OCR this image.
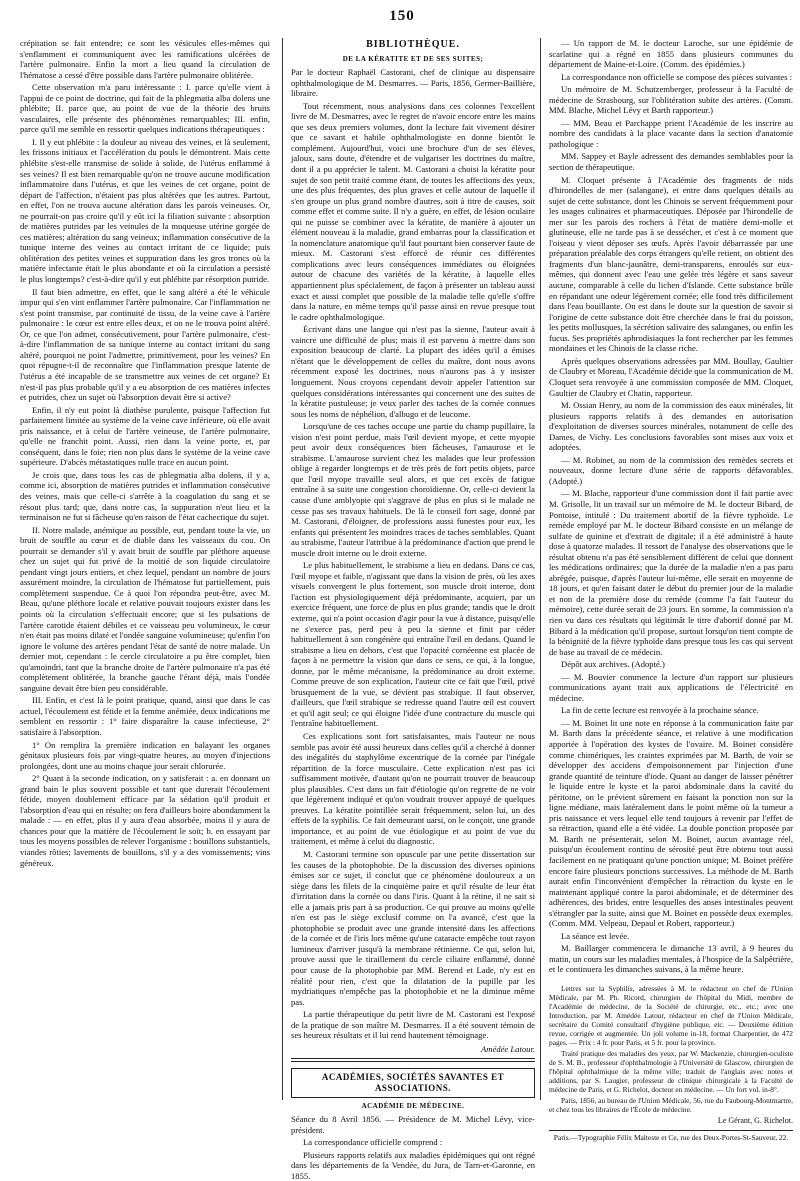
150

crépitation se fait entendre; ce sont les vésicules elles-mêmes qui s'enflamment et communiquent avec les ramifications ulcérées de l'artère pulmonaire. Enfin la mort a lieu quand la circulation de l'hématose a cessé d'être possible dans l'artère pulmonaire oblitérée.

Cette observation m'a paru intéressante : I. parce qu'elle vient à l'appui de ce point de doctrine, qui fait de la phlegmatia alba dolens une phlébite; II. parce que, au point de vue de la théorie des bruits vasculaires, elle présente des phénomènes remarquables; III. enfin, parce qu'il me semble en ressortir quelques indications thérapeutiques :

I. Il y eut phlébite : la douleur au niveau des veines, et là seulement, les frissons initiaux et l'accélération du pouls le démontrent. Mais cette phlébite s'est-elle transmise de solide à solide, de l'utérus enflammé à ses veines? Il est bien remarquable qu'on ne trouve aucune modification inflammatoire dans l'utérus, et que les veines de cet organe, point de départ de l'affection, n'étaient pas plus altérées que les autres. Partout, en effet, l'on ne trouva aucune altération dans les parois veineuses. Or, ne pourrait-on pas croire qu'il y eût ici la filiation suivante : absorption de matières putrides par les veinules de la muqueuse utérine gorgée de ces matières; altération du sang veineux; inflammation consécutive de la tunique interne des veines au contact irritant de ce liquide; puis oblitération des petites veines et suppuration dans les gros troncs où la matière infectante était le plus abondante et où la circulation a persisté le plus longtemps? c'est-à-dire qu'il y eut phlébite par résorption putride.

Il faut bien admettre, en effet, que le sang altéré a été le véhicule impur qui s'en vint enflammer l'artère pulmonaire. Car l'inflammation ne s'est point transmise, par continuité de tissu, de la veine cave à l'artère pulmonaire : le cœur est entre elles deux, et on ne le trouva point altéré. Or, ce que l'on admet, consécutivement, pour l'artère pulmonaire, c'est-à-dire l'inflammation de sa tunique interne au contact irritant du sang altéré, pourquoi ne point l'admettre, primitivement, pour les veines? En quoi répugne-t-il de reconnaître que l'inflammation presque latente de l'utérus a été incapable de se transmettre aux veines de cet organe? Et n'est-il pas plus probable qu'il y a eu absorption de ces matières infectes et putrides, chez un sujet où l'absorption devait être si active?

Enfin, il n'y eut point là diathèse purulente, puisque l'affection fut parfaitement limitée au système de la veine cave inférieure, où elle avait pris naissance, et à celui de l'artère veineuse, de l'artère pulmonaire, qu'elle ne franchit point. Aussi, rien dans la veine porte, et, par conséquent, dans le foie; rien non plus dans le système de la veine cave supérieure. D'abcès métastatiques nulle trace en aucun point.

Je crois que, dans tous les cas de phlegmatia alba dolens, il y a, comme ici, absorption de matières putrides et inflammation consécutive des veines, mais que celle-ci s'arrête à la coagulation du sang et se résout plus tard; que, dans notre cas, la suppuration n'eut lieu et la terminaison ne fut si fâcheuse qu'en raison de l'état cachectique du sujet.

II. Notre malade, anémique au possible, eut, pendant toute la vie, un bruit de souffle au cœur et de diable dans les vaisseaux du cou. On pourrait se demander s'il y avait bruit de souffle par pléthore aqueuse chez un sujet qui fut privé de la moitié de son liquide circulatoire pendant vingt jours entiers, et chez lequel, pendant un nombre de jours assurément moindre, la circulation de l'hématose fut partiellement, puis complètement suspendue. Ce à quoi l'on répondra peut-être, avec M. Beau, qu'une pléthore locale et relative pouvait toujours exister dans les points où la circulation s'effectuait encore; que si les pulsations de l'artère carotide étaient débiles et ce vaisseau peu volumineux, le cœur n'en était pas moins dilaté et l'ondée sanguine volumineuse; qu'enfin l'on ignore le volume des artères pendant l'état de santé de notre malade. Un dernier mot, cependant : le cercle circulatoire a pu être complet, bien qu'amoindri, tant que la branche droite de l'artère pulmonaire n'a pas été complètement oblitérée, la branche gauche l'étant déjà, mais l'ondée sanguine devait être bien peu considérable.

III. Enfin, et c'est là le point pratique, quand, ainsi que dans le cas actuel, l'écoulement est fétide et la femme anémiée, deux indications me semblent en ressortir : 1° faire disparaître la cause infectieuse, 2° satisfaire à l'absorption.

1° On remplira la première indication en balayant les organes génitaux plusieurs fois par vingt-quatre heures, au moyen d'injections prolongées, dont une au moins chaque jour serait chlorurée.

2° Quant à la seconde indication, on y satisferait : a. en donnant un grand bain le plus souvent possible et tant que durerait l'écoulement fétide, moyen doublement efficace par la sédation qu'il produit et l'absorption d'eau qui en résulte; on fera d'ailleurs boire abondamment la malade : — en effet, plus il y aura d'eau absorbée, moins il y aura de chances pour que la matière de l'écoulement le soit; b. en essayant par tous les moyens possibles de relever l'organisme : bouillons substantiels, viandes rôties; lavements de bouillons, s'il y a des vomissements; vins généreux.

BIBLIOTHÈQUE.
DE LA KÉRATITE ET DE SES SUITES;

Par le docteur Raphaël Castorani, chef de clinique au dispensaire ophthalmologique de M. Desmarres. — Paris, 1856, Germer-Baillière, libraire.

Tout récemment, nous analysions dans ces colonnes l'excellent livre de M. Desmarres, avec le regret de n'avoir encore entre les mains que ses deux premiers volumes, dont la lecture fait vivement désirer que ce savant et habile ophthalmologiste en donne bientôt le complément. Aujourd'hui, voici une brochure d'un de ses élèves, jaloux, sans doute, d'étendre et de vulgariser les doctrines du maître, dont il a pu apprécier le talent. M. Castorani a choisi la kératite pour sujet de son petit traité comme étant, de toutes les affections des yeux, une des plus fréquentes, des plus graves et celle autour de laquelle il s'en groupe un plus grand nombre d'autres, soit à titre de causes, soit comme effet et comme suite. Il n'y a guère, en effet, de lésion oculaire qui ne puisse se combiner avec la kératite, de manière à ajouter un élément nouveau à la maladie, grand embarras pour la classification et la nomenclature anatomique qu'il faut pourtant bien conserver faute de mieux. M. Castorani s'est efforcé de réunir ces différentes complications avec leurs conséquences immédiates ou éloignées autour de chacune des variétés de la kératite, à laquelle elles appartiennent plus spécialement, de façon à présenter un tableau aussi exact et aussi complet que possible de la maladie telle qu'elle s'offre dans la nature, en même temps qu'il passe ainsi en revue presque tout le cadre ophthalmologique.

Écrivant dans une langue qui n'est pas la sienne, l'auteur avait à vaincre une difficulté de plus; mais il est parvenu à mettre dans son exposition beaucoup de clarté. La plupart des idées qu'il a émises n'étant que le développement de celles du maître, dont nous avons récemment exposé les doctrines, nous n'aurons pas à y insister longuement. Nous croyons cependant devoir appeler l'attention sur quelques considérations intéressantes qui concernent une des suites de la kératite pustuleuse; je veux parler des taches de la cornée connues sous les noms de néphélion, d'albugo et de leucome.

Lorsqu'une de ces taches occupe une partie du champ pupillaire, la vision n'est point perdue, mais l'œil devient myope, et cette myopie peut avoir deux conséquences bien fâcheuses, l'amaurose et le strabisme. L'amaurose survient chez les malades que leur profession oblige à regarder longtemps et de très près de fort petits objets, parce que l'œil myope travaille seul alors, et que cet excès de fatigue entraîne à sa suite une congestion choroïdienne. Or, celle-ci devient la cause d'une amblyopie qui s'aggrave de plus en plus si le malade ne cesse pas ses travaux habituels. De là le conseil fort sage, donné par M. Castorani, d'éloigner, de professions aussi funestes pour eux, les enfants qui présentent les moindres traces de taches semblables. Quant au strabisme, l'auteur l'attribue à la prédominance d'action que prend le muscle droit interne ou le droit externe.

Le plus habituellement, le strabisme a lieu en dedans. Dans ce cas, l'œil myope et faible, n'agissant que dans la vision de près, où les axes visuels convergent le plus fortement, son muscle droit interne, dont l'action est physiologiquement déjà prédominante, acquiert, par un exercice fréquent, une force de plus en plus grande; tandis que le droit externe, qui n'a point occasion d'agir pour la vue à distance, puisqu'elle ne s'exerce pas, perd peu à peu la sienne et finit par céder habituellement à son congénère qui entraîne l'œil en dedans. Quand le strabisme a lieu en dehors, c'est que l'opacité cornéenne est placée de façon à ne permettre la vision que dans ce sens, ce qui, à la longue, donne, par le même mécanisme, la prédominance au droit externe. Comme preuve de son explication, l'auteur cite ce fait que l'œil, privé brusquement de la vue, se dévient pas strabique. Il faut observer, d'ailleurs, que l'œil strabique se redresse quand l'autre œil est couvert et qu'il agit seul; ce qui éloigne l'idée d'une contracture du muscle qui l'entraîne habituellement.

Ces explications sont fort satisfaisantes, mais l'auteur ne nous semble pas avoir été aussi heureux dans celles qu'il a cherché à donner des inégalités du staphylôme excentrique de la cornée par l'inégale répartition de la force musculaire. Cette explication n'est pas ici suffisamment motivée, d'autant qu'on ne pourrait trouver de beaucoup plus plausibles. C'est dans un fait d'étiologie qu'on regrette de ne voir que légèrement indiqué et qu'on voudrait trouver appuyé de quelques preuves. La kératite pointillée serait fréquemment, selon lui, un des effets de la syphilis. Ce fait demeurant uarsi, on le conçoit, une grande importance, et au point de vue étiologique et au point de vue du traitement, et même à celui du diagnostic.

M. Castorani termine son opuscule par une petite dissertation sur les causes de la photophobie. De la discussion des diverses opinions émises sur ce sujet, il conclut que ce phénomène douloureux a un siège dans les filets de la cinquième paire et qu'il résulte de leur état d'irritation dans la cornée ou dans l'iris. Quant à la rétine, il ne sait si elle a jamais pris part à sa production. Ce qui prouve au moins qu'elle n'en est pas le siège exclusif comme on l'a avancé, c'est que la photophobie se produit avec une grande intensité dans les affections de la cornée et de l'iris lors même qu'une cataracte empêche tout rayon lumineux d'arriver jusqu'à la membrane rétinienne. Ce qui, selon lui, prouve aussi que le tiraillement du cercle ciliaire enflammé, donné pour cause de la photophobie par MM. Berend et Lade, n'y est en réalité pour rien, c'est que la dilatation de la pupille par les mydriatiques n'empêche pas la photophobie et ne la diminue même pas.

La partie thérapeutique du petit livre de M. Castorani est l'exposé de la pratique de son maître M. Desmarres. Il a été souvent témoin de ses heureux résultats et il lui rend hautement témoignage.

Amédée Latour.
ACADÉMIES, SOCIÉTÉS SAVANTES ET ASSOCIATIONS.
ACADÉMIE DE MÉDECINE.

Séance du 8 Avril 1856. — Présidence de M. Michel Lévy, vice-président.

La correspondance officielle comprend :

Plusieurs rapports relatifs aux maladies épidémiques qui ont régné dans les départements de la Vendée, du Jura, de Tarn-et-Garonne, en 1855.

— Un rapport de M. le docteur Laroche, sur une épidémie de scarlatine qui a régné en 1855 dans plusieurs communes du département de Maine-et-Loire. (Comm. des épidémies.)

La correspondance non officielle se compose des pièces suivantes :

Un mémoire de M. Schutzemberger, professeur à la Faculté de médecine de Strasbourg, sur l'oblitération subite des artères. (Comm. MM. Blache, Michel Lévy et Barth rapporteur.)

— MM. Beau et Parchappe prient l'Académie de les inscrire au nombre des candidats à la place vacante dans la section d'anatomie pathologique :

MM. Sappey et Bayle adressent des demandes semblables pour la section de thérapeutique.

M. Cloquet présente à l'Académie des fragments de nids d'hirondelles de mer (salangane), et entre dans quelques détails au sujet de cette substance, dont les Chinois se servent fréquemment pour les usages culinaires et pharmaceutiques. Déposée par l'hirondelle de mer sur les parois des rochers à l'état de matière demi-molle et glutineuse, elle ne tarde pas à se dessécher, et c'est à ce moment que l'oiseau y vient déposer ses œufs. Après l'avoir débarrassée par une préparation préalable des corps étrangers qu'elle retient, on obtient des fragments d'un blanc-jaunâtre, demi-transparens, enroulés sur eux-mêmes, qui donnent avec l'eau une gelée très légère et sans saveur aucune, comparable à celle du lichen d'Islande. Cette substance brûle en répandant une odeur légèrement cornée; elle fond très difficilement dans l'eau bouillante. On est dans le doute sur la question de savoir si l'origine de cette substance doit être cherchée dans le frai du poisson, les petits mollusques, la sécrétion salivaire des salanganes, ou enfin les fucus. Ses propriétés aphrodisiaques la font rechercher par les femmes mondaines et les Chinois de la classe riche.

Après quelques observations adressées par MM. Boullay, Gaultier de Claubry et Moreau, l'Académie décide que la communication de M. Cloquet sera renvoyée à une commission composée de MM. Cloquet, Gaultier de Claubry et Chatin, rapporteur.

M. Ossian Henry, au nom de la commission des eaux minérales, lit plusieurs rapports relatifs à des demandes en autorisation d'exploitation de diverses sources minérales, notamment de celle des Dames, de Vichy. Les conclusions favorables sont mises aux voix et adoptées.

— M. Robinet, au nom de la commission des remèdes secrets et nouveaux, donne lecture d'une série de rapports défavorables. (Adopté.)

— M. Blache, rapporteur d'une commission dont il fait partie avec M. Grisolle, lit un travail sur un mémoire de M. le docteur Bibard, de Pontoise, intitulé : Du traitement abortif de la fièvre typhoïde. Le remède employé par M. le docteur Bibard consiste en un mélange de sulfate de quinine et d'extrait de digitale; il a été administré à haute dose à quatorze malades. Il ressort de l'analyse des observations que le résultat obtenu n'a pas été sensiblement différent de celui que donnent les médications ordinaires; que la durée de la maladie n'en a pas paru abrégée, puisque, d'après l'auteur lui-même, elle serait en moyenne de 18 jours, et qu'en faisant dater le début du premier jour de la maladie et non de la première dose du remède (comme l'a fait l'auteur du mémoire), cette durée serait de 23 jours. En somme, la commission n'a rien vu dans ces résultats qui légitimât le titre d'abortif donné par M. Bibard à la médication qu'il propose, surtout lorsqu'on tient compte de la bénignité de la fièvre typhoïde dans presque tous les cas qui servent de base au travail de ce médecin.

Dépôt aux archives. (Adopté.)

— M. Bouvier commence la lecture d'un rapport sur plusieurs communications ayant trait aux applications de l'électricité en médecine.

La fin de cette lecture est renvoyée à la prochaine séance.

— M. Boinet lit une note en réponse à la communication faite par M. Barth dans la précédente séance, et relative à une modification apportée à l'opération des kystes de l'ovaire. M. Boinet considère comme chimériques, les craintes exprimées par M. Barth, de voir se développer des accidens d'empoisonnement par l'injection d'une grande quantité de teinture d'iode. Quant au danger de laisser pénétrer le liquide entre le kyste et la paroi abdominale dans la cavité du péritoine, on le prévient sûrement en faisant la ponction non sur la ligne médiane, mais latéralement dans le point même où la tumeur a pris naissance et vers lequel elle tend toujours à revenir par l'effet de sa rétraction, quand elle a été vidée. La double ponction proposée par M. Barth ne présenterait, selon M. Boinet, aucun avantage réel, puisqu'un écoulement continu de sérosité peut être obtenu tout aussi facilement en ne pratiquant qu'une ponction unique; M. Boinet préfère encore faire plusieurs ponctions successives. La méthode de M. Barth aurait enfin l'inconvénient d'empêcher la rétraction du kyste en le maintenant appliqué contre la paroi abdominale, et de déterminer des adhérences, des brides, entre lesquelles des anses intestinales peuvent s'étrangler par la suite, ainsi que M. Boinet en possède deux exemples. (Comm. MM. Velpeau, Depaul et Robert, rapporteur.)

La séance est levée.

M. Baillarger commencera le dimanche 13 avril, à 9 heures du matin, un cours sur les maladies mentales, à l'hospice de la Salpêtrière, et le continuera les dimanches suivans, à la même heure.

Lettres sur la Syphilis, adressées à M. le rédacteur en chef de l'Union Médicale, par M. Ph. Ricord, chirurgien de l'hôpital du Midi, membre de l'Académie de médecine, de la Société de chirurgie, etc., etc.; avec une Introduction, par M. Amédée Latour, rédacteur en chef de l'Union Médicale, secrétaire du Comité consultatif d'hygiène publique, etc. — Deuxième édition revue, corrigée et augmentée. Un joli volume in-18, format Charpentier, de 472 pages. — Prix : 4 fr. pour Paris, et 5 fr. pour la province.

Traité pratique des maladies des yeux, par W. Mackenzie, chirurgien-oculiste de S. M. B., professeur d'ophthalmologie à l'Université de Glascow, chirurgien de l'hôpital ophthalmique de la même ville; traduit de l'anglais avec notes et additions, par S. Laugier, professeur de clinique chirurgicale à la Faculté de médecine de Paris, et G. Richelot, docteur en médecine. — Un fort vol. in-8°.

Paris, 1856, au bureau de l'Union Médicale, 56, rue du Faubourg-Montmartre, et chez tous les libraires de l'École de médecine.

Le Gérant, G. Richelot.
Paris.—Typographie Félix Malteste et Ce, rue des Deux-Portes-St-Sauveur, 22.
